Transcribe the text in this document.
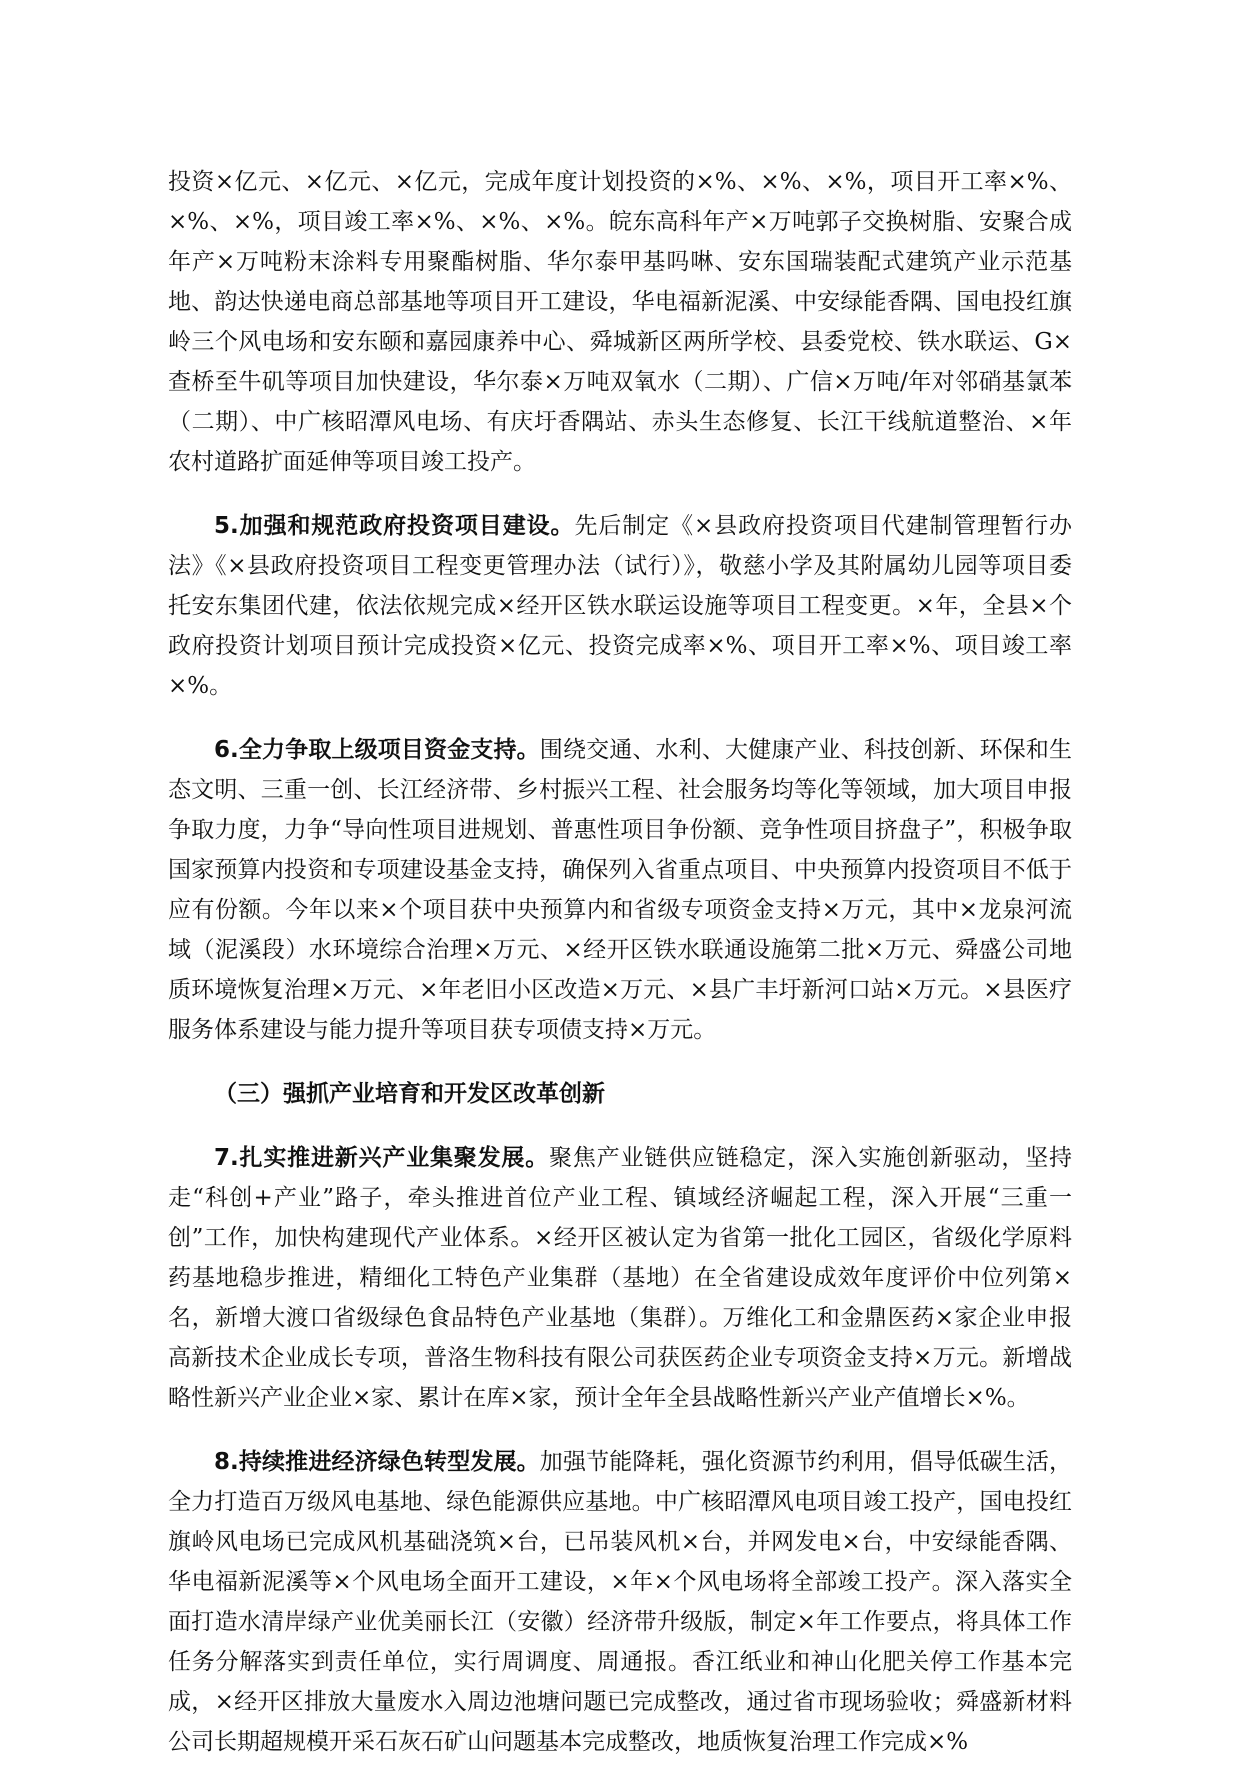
投资×亿元、×亿元、×亿元，完成年度计划投资的×%、×%、×%，项目开工率×%、×%、×%，项目竣工率×%、×%、×%。皖东高科年产×万吨郭子交换树脂、安聚合成年产×万吨粉末涂料专用聚酯树脂、华尔泰甲基吗啉、安东国瑞装配式建筑产业示范基地、韵达快递电商总部基地等项目开工建设，华电福新泥溪、中安绿能香隅、国电投红旗岭三个风电场和安东颐和嘉园康养中心、舜城新区两所学校、县委党校、铁水联运、G×查桥至牛矶等项目加快建设，华尔泰×万吨双氧水（二期）、广信×万吨/年对邻硝基氯苯（二期）、中广核昭潭风电场、有庆圩香隅站、赤头生态修复、长江干线航道整治、×年农村道路扩面延伸等项目竣工投产。

5.加强和规范政府投资项目建设。先后制定《×县政府投资项目代建制管理暂行办法》《×县政府投资项目工程变更管理办法（试行）》，敬慈小学及其附属幼儿园等项目委托安东集团代建，依法依规完成×经开区铁水联运设施等项目工程变更。×年，全县×个政府投资计划项目预计完成投资×亿元、投资完成率×%、项目开工率×%、项目竣工率×%。

6.全力争取上级项目资金支持。围绕交通、水利、大健康产业、科技创新、环保和生态文明、三重一创、长江经济带、乡村振兴工程、社会服务均等化等领域，加大项目申报争取力度，力争“导向性项目进规划、普惠性项目争份额、竞争性项目挤盘子”，积极争取国家预算内投资和专项建设基金支持，确保列入省重点项目、中央预算内投资项目不低于应有份额。今年以来×个项目获中央预算内和省级专项资金支持×万元，其中×龙泉河流域（泥溪段）水环境综合治理×万元、×经开区铁水联通设施第二批×万元、舜盛公司地质环境恢复治理×万元、×年老旧小区改造×万元、×县广丰圩新河口站×万元。×县医疗服务体系建设与能力提升等项目获专项债支持×万元。

（三）强抓产业培育和开发区改革创新

7.扎实推进新兴产业集聚发展。聚焦产业链供应链稳定，深入实施创新驱动，坚持走“科创+产业”路子，牵头推进首位产业工程、镇域经济崛起工程，深入开展“三重一创”工作，加快构建现代产业体系。×经开区被认定为省第一批化工园区，省级化学原料药基地稳步推进，精细化工特色产业集群（基地）在全省建设成效年度评价中位列第×名，新增大渡口省级绿色食品特色产业基地（集群）。万维化工和金鼎医药×家企业申报高新技术企业成长专项，普洛生物科技有限公司获医药企业专项资金支持×万元。新增战略性新兴产业企业×家、累计在库×家，预计全年全县战略性新兴产业产值增长×%。

8.持续推进经济绿色转型发展。加强节能降耗，强化资源节约利用，倡导低碳生活，全力打造百万级风电基地、绿色能源供应基地。中广核昭潭风电项目竣工投产，国电投红旗岭风电场已完成风机基础浇筑×台，已吊装风机×台，并网发电×台，中安绿能香隅、华电福新泥溪等×个风电场全面开工建设，×年×个风电场将全部竣工投产。深入落实全面打造水清岸绿产业优美丽长江（安徽）经济带升级版，制定×年工作要点，将具体工作任务分解落实到责任单位，实行周调度、周通报。香江纸业和神山化肥关停工作基本完成，×经开区排放大量废水入周边池塘问题已完成整改，通过省市现场验收；舜盛新材料公司长期超规模开采石灰石矿山问题基本完成整改，地质恢复治理工作完成×%
